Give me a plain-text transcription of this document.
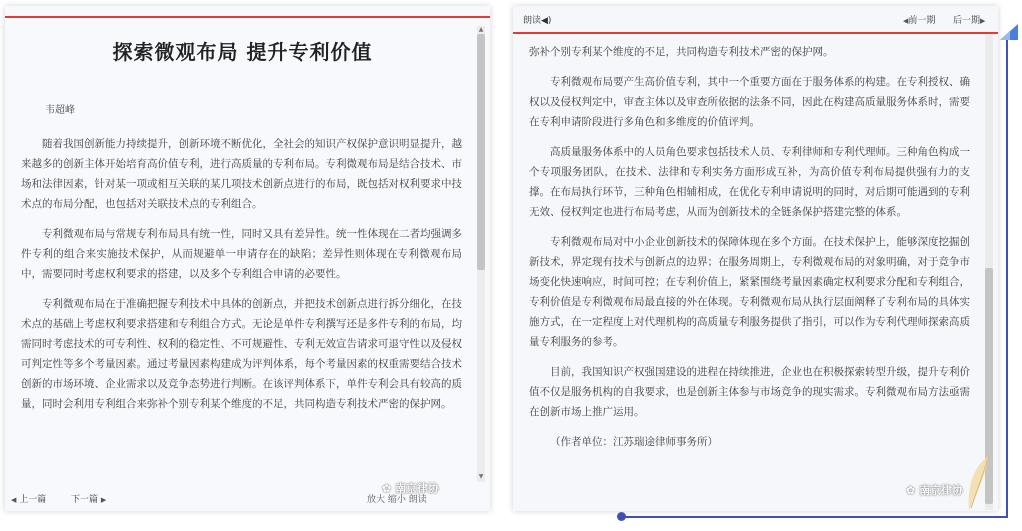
探索微观布局 提升专利价值
韦超峰

随着我国创新能力持续提升，创新环境不断优化，全社会的知识产权保护意识明显提升，越来越多的创新主体开始培育高价值专利，进行高质量的专利布局。专利微观布局是结合技术、市场和法律因素，针对某一项或相互关联的某几项技术创新点进行的布局，既包括对权利要求中技术点的布局分配，也包括对关联技术点的专利组合。

专利微观布局与常规专利布局具有统一性，同时又具有差异性。统一性体现在二者均强调多件专利的组合来实施技术保护，从而规避单一申请存在的缺陷；差异性则体现在专利微观布局中，需要同时考虑权利要求的搭建，以及多个专利组合申请的必要性。

专利微观布局在于准确把握专利技术中具体的创新点，并把技术创新点进行拆分细化，在技术点的基础上考虑权利要求搭建和专利组合方式。无论是单件专利撰写还是多件专利的布局，均需同时考虑技术的可专利性、权利的稳定性、不可规避性、专利无效宣告请求可退守性以及侵权可判定性等多个考量因素。通过考量因素构建成为评判体系，每个考量因素的权重需要结合技术创新的市场环境、企业需求以及竞争态势进行判断。在该评判体系下，单件专利会具有较高的质量，同时会利用专利组合来弥补个别专利某个维度的不足，共同构造专利技术严密的保护网。

▲
▼
◀ 上一篇	下一篇 ▶	放大 缩小 朗读
✿ 南京律协
朗读◀)	◀前一期 后一期▶

弥补个别专利某个维度的不足，共同构造专利技术严密的保护网。

专利微观布局要产生高价值专利，其中一个重要方面在于服务体系的构建。在专利授权、确权以及侵权判定中，审查主体以及审查所依据的法条不同，因此在构建高质量服务体系时，需要在专利申请阶段进行多角色和多维度的价值评判。

高质量服务体系中的人员角色要求包括技术人员、专利律师和专利代理师。三种角色构成一个专项服务团队，在技术、法律和专利实务方面形成互补，为高价值专利布局提供强有力的支撑。在布局执行环节，三种角色相辅相成，在优化专利申请说明的同时，对后期可能遇到的专利无效、侵权判定也进行布局考虑，从而为创新技术的全链条保护搭建完整的体系。

专利微观布局对中小企业创新技术的保障体现在多个方面。在技术保护上，能够深度挖掘创新技术，界定现有技术与创新点的边界；在服务周期上，专利微观布局的对象明确，对于竞争市场变化快速响应，时间可控；在专利价值上，紧紧围绕考量因素确定权利要求分配和专利组合，专利价值是专利微观布局最直接的外在体现。专利微观布局从执行层面阐释了专利布局的具体实施方式，在一定程度上对代理机构的高质量专利服务提供了指引，可以作为专利代理师探索高质量专利服务的参考。

目前，我国知识产权强国建设的进程在持续推进，企业也在积极探索转型升级，提升专利价值不仅是服务机构的自我要求，也是创新主体参与市场竞争的现实需求。专利微观布局方法亟需在创新市场上推广运用。

（作者单位：江苏瑞途律师事务所）

✿ 南京律协
